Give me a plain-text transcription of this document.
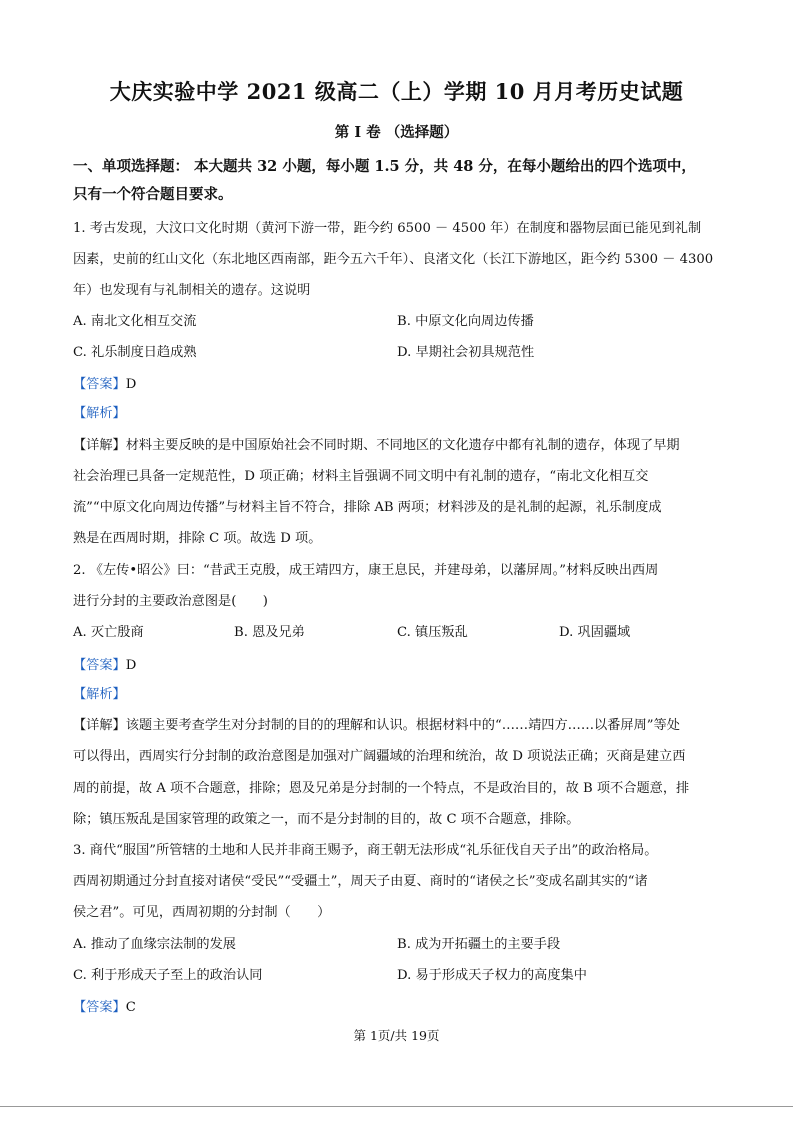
大庆实验中学 2021 级高二（上）学期 10 月月考历史试题
第 I 卷 （选择题）
一、单项选择题： 本大题共 32 小题，每小题 1.5 分，共 48 分，在每小题给出的四个选项中，
只有一个符合题目要求。
1. 考古发现，大汶口文化时期（黄河下游一带，距今约 6500 － 4500 年）在制度和器物层面已能见到礼制
因素，史前的红山文化（东北地区西南部，距今五六千年）、良渚文化（长江下游地区，距今约 5300 － 4300
年）也发现有与礼制相关的遗存。这说明
A. 南北文化相互交流	B. 中原文化向周边传播
C. 礼乐制度日趋成熟	D. 早期社会初具规范性
【答案】D
【解析】
【详解】材料主要反映的是中国原始社会不同时期、不同地区的文化遗存中都有礼制的遗存，体现了早期
社会治理已具备一定规范性，D 项正确；材料主旨强调不同文明中有礼制的遗存，“南北文化相互交
流”“中原文化向周边传播”与材料主旨不符合，排除 AB 两项；材料涉及的是礼制的起源，礼乐制度成
熟是在西周时期，排除 C 项。故选 D 项。
2. 《左传•昭公》曰：“昔武王克殷，成王靖四方，康王息民，并建母弟，以藩屏周。”材料反映出西周
进行分封的主要政治意图是(　　)
A. 灭亡殷商	B. 恩及兄弟	C. 镇压叛乱	D. 巩固疆域
【答案】D
【解析】
【详解】该题主要考查学生对分封制的目的的理解和认识。根据材料中的“……靖四方……以番屏周”等处
可以得出，西周实行分封制的政治意图是加强对广阔疆域的治理和统治，故 D 项说法正确；灭商是建立西
周的前提，故 A 项不合题意，排除；恩及兄弟是分封制的一个特点，不是政治目的，故 B 项不合题意，排
除；镇压叛乱是国家管理的政策之一，而不是分封制的目的，故 C 项不合题意，排除。
3. 商代“服国”所管辖的土地和人民并非商王赐予，商王朝无法形成“礼乐征伐自天子出”的政治格局。
西周初期通过分封直接对诸侯“受民”“受疆土”，周天子由夏、商时的“诸侯之长”变成名副其实的“诸
侯之君”。可见，西周初期的分封制（　　）
A. 推动了血缘宗法制的发展	B. 成为开拓疆土的主要手段
C. 利于形成天子至上的政治认同	D. 易于形成天子权力的高度集中
【答案】C
第 1页/共 19页
